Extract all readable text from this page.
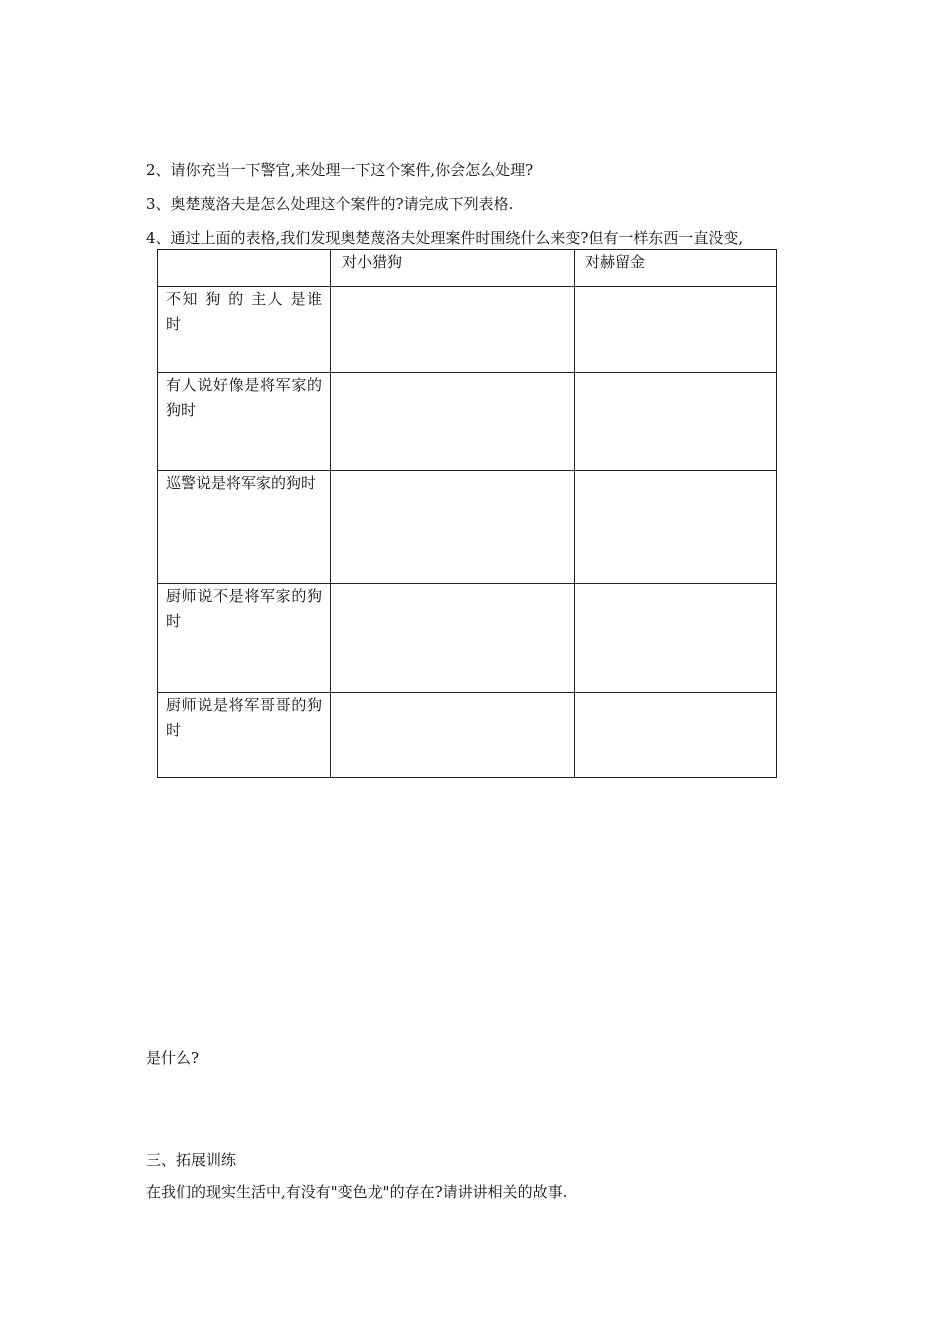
2、请你充当一下警官,来处理一下这个案件,你会怎么处理?
3、奥楚蔑洛夫是怎么处理这个案件的?请完成下列表格.
4、通过上面的表格,我们发现奥楚蔑洛夫处理案件时围绕什么来变?但有一样东西一直没变,
	对小猎狗	对赫留金
不知 狗 的 主人 是谁 时		
有人说好像是将军家的狗时		
巡警说是将军家的狗时		
厨师说不是将军家的狗时		
厨师说是将军哥哥的狗时		
是什么?
三、拓展训练
在我们的现实生活中,有没有"变色龙"的存在?请讲讲相关的故事.
